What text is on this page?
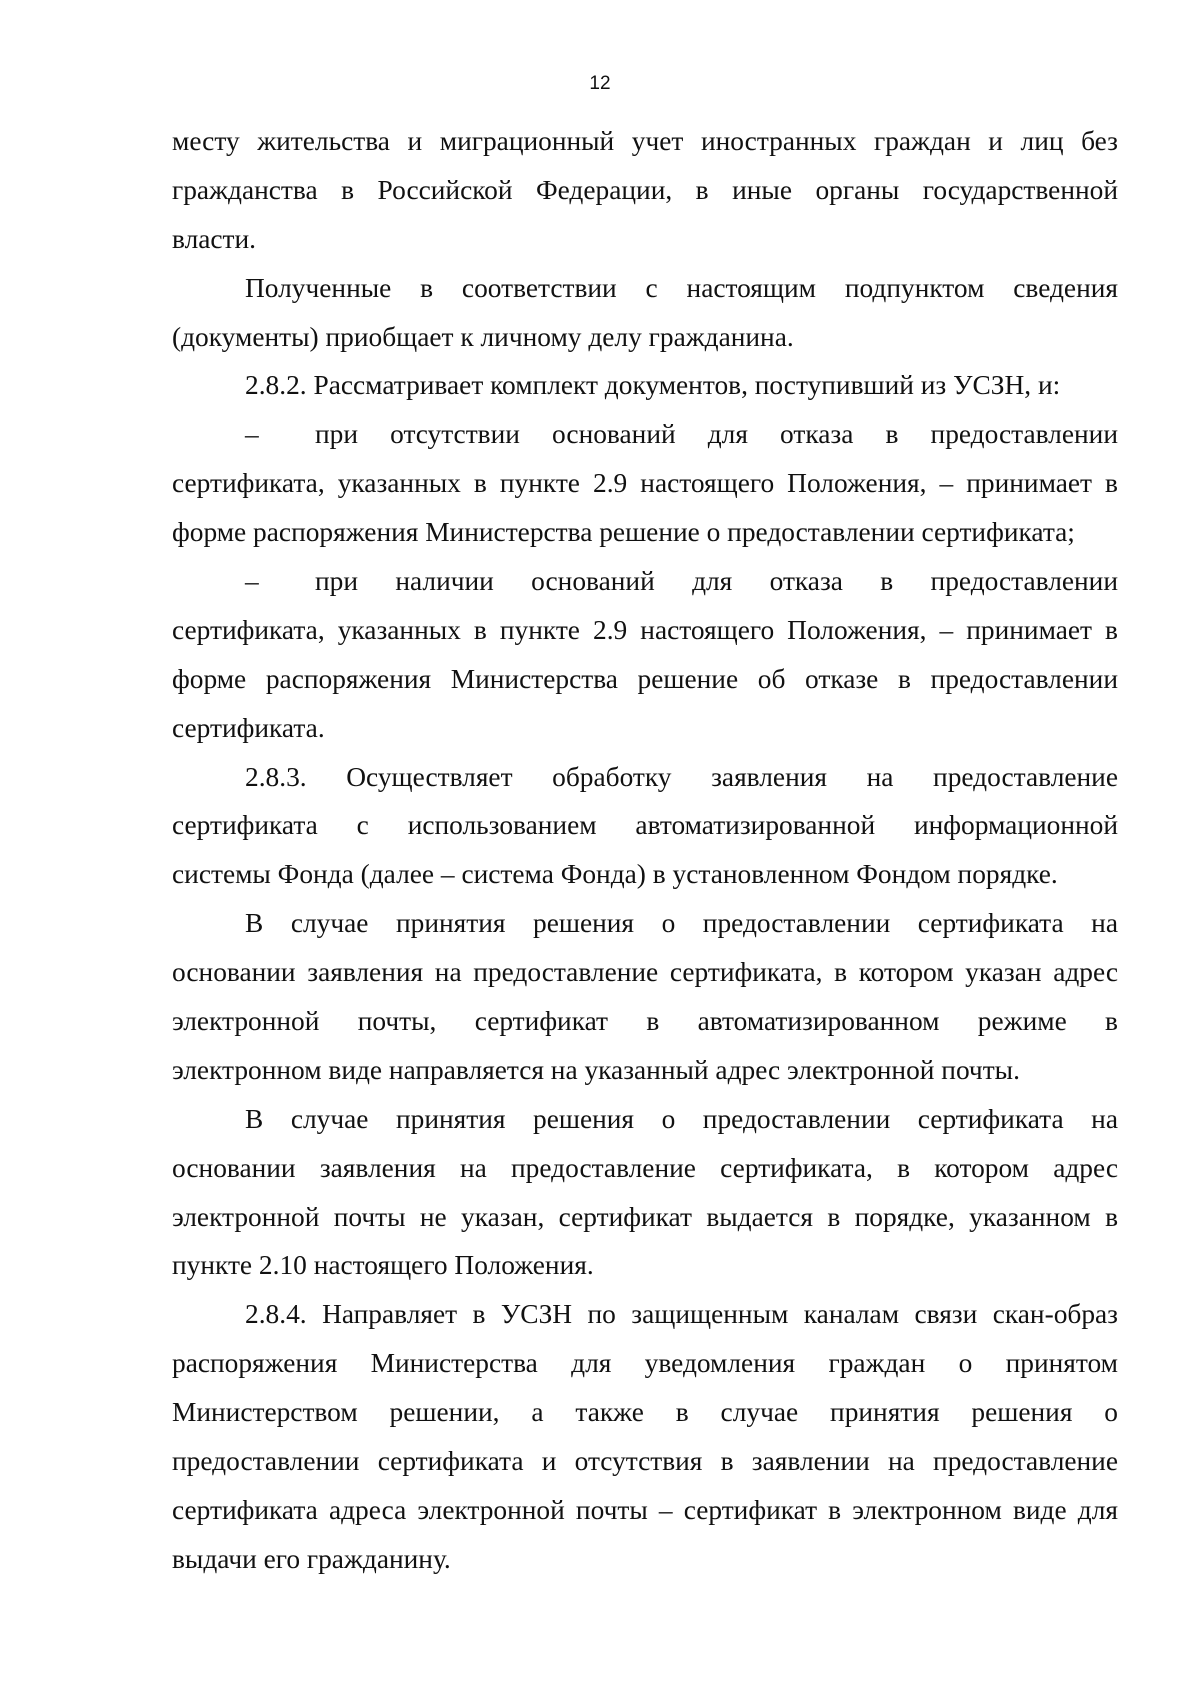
12
месту жительства и миграционный учет иностранных граждан и лиц без
гражданства в Российской Федерации, в иные органы государственной
власти.
Полученные в соответствии с настоящим подпунктом сведения
(документы) приобщает к личному делу гражданина.
2.8.2. Рассматривает комплект документов, поступивший из УСЗН, и:
– при отсутствии оснований для отказа в предоставлении
сертификата, указанных в пункте 2.9 настоящего Положения, – принимает в
форме распоряжения Министерства решение о предоставлении сертификата;
– при наличии оснований для отказа в предоставлении
сертификата, указанных в пункте 2.9 настоящего Положения, – принимает в
форме распоряжения Министерства решение об отказе в предоставлении
сертификата.
2.8.3. Осуществляет обработку заявления на предоставление
сертификата с использованием автоматизированной информационной
системы Фонда (далее – система Фонда) в установленном Фондом порядке.
В случае принятия решения о предоставлении сертификата на
основании заявления на предоставление сертификата, в котором указан адрес
электронной почты, сертификат в автоматизированном режиме в
электронном виде направляется на указанный адрес электронной почты.
В случае принятия решения о предоставлении сертификата на
основании заявления на предоставление сертификата, в котором адрес
электронной почты не указан, сертификат выдается в порядке, указанном в
пункте 2.10 настоящего Положения.
2.8.4. Направляет в УСЗН по защищенным каналам связи скан-образ
распоряжения Министерства для уведомления граждан о принятом
Министерством решении, а также в случае принятия решения о
предоставлении сертификата и отсутствия в заявлении на предоставление
сертификата адреса электронной почты – сертификат в электронном виде для
выдачи его гражданину.
